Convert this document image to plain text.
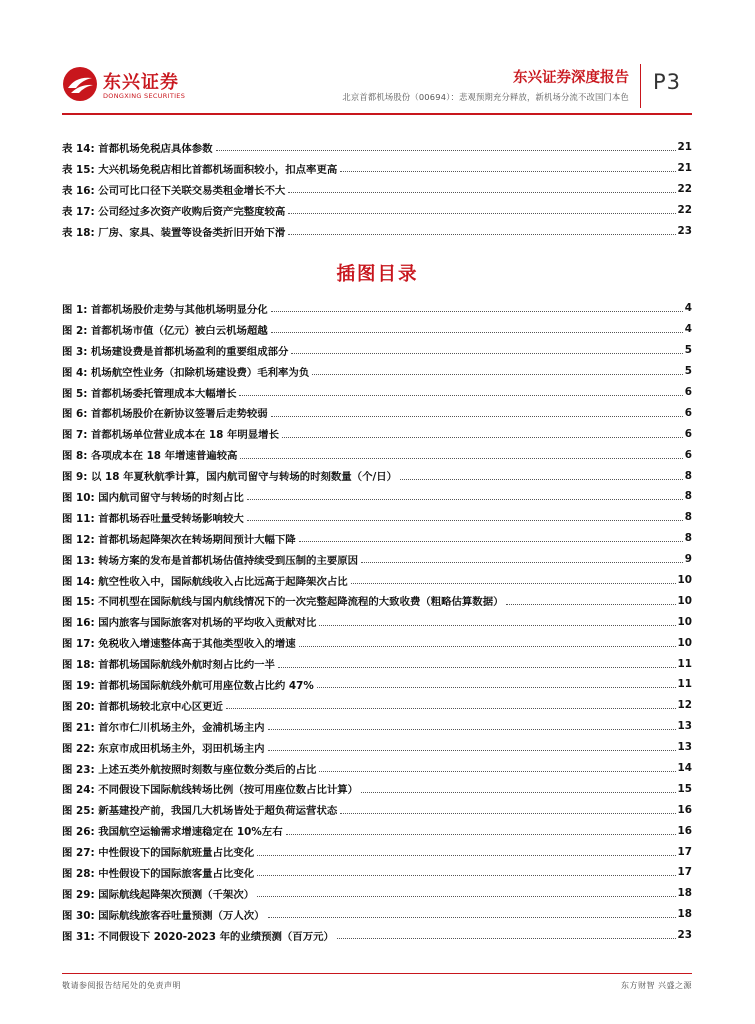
东兴证券
DONGXING SECURITIES
东兴证券深度报告
北京首都机场股份（00694）：悲观预期充分释放，新机场分流不改国门本色
P3
表 14: 首都机场免税店具体参数	21
表 15: 大兴机场免税店相比首都机场面积较小，扣点率更高	21
表 16: 公司可比口径下关联交易类租金增长不大	22
表 17: 公司经过多次资产收购后资产完整度较高	22
表 18: 厂房、家具、装置等设备类折旧开始下滑	23
插图目录
图 1: 首都机场股价走势与其他机场明显分化	4
图 2: 首都机场市值（亿元）被白云机场超越	4
图 3: 机场建设费是首都机场盈利的重要组成部分	5
图 4: 机场航空性业务（扣除机场建设费）毛利率为负	5
图 5: 首都机场委托管理成本大幅增长	6
图 6: 首都机场股价在新协议签署后走势较弱	6
图 7: 首都机场单位营业成本在 18 年明显增长	6
图 8: 各项成本在 18 年增速普遍较高	6
图 9: 以 18 年夏秋航季计算，国内航司留守与转场的时刻数量（个/日）	8
图 10: 国内航司留守与转场的时刻占比	8
图 11: 首都机场吞吐量受转场影响较大	8
图 12: 首都机场起降架次在转场期间预计大幅下降	8
图 13: 转场方案的发布是首都机场估值持续受到压制的主要原因	9
图 14: 航空性收入中，国际航线收入占比远高于起降架次占比	10
图 15: 不同机型在国际航线与国内航线情况下的一次完整起降流程的大致收费（粗略估算数据）	10
图 16: 国内旅客与国际旅客对机场的平均收入贡献对比	10
图 17: 免税收入增速整体高于其他类型收入的增速	10
图 18: 首都机场国际航线外航时刻占比约一半	11
图 19: 首都机场国际航线外航可用座位数占比约 47%	11
图 20: 首都机场较北京中心区更近	12
图 21: 首尔市仁川机场主外，金浦机场主内	13
图 22: 东京市成田机场主外，羽田机场主内	13
图 23: 上述五类外航按照时刻数与座位数分类后的占比	14
图 24: 不同假设下国际航线转场比例（按可用座位数占比计算）	15
图 25: 新基建投产前，我国几大机场皆处于超负荷运营状态	16
图 26: 我国航空运输需求增速稳定在 10%左右	16
图 27: 中性假设下的国际航班量占比变化	17
图 28: 中性假设下的国际旅客量占比变化	17
图 29: 国际航线起降架次预测（千架次）	18
图 30: 国际航线旅客吞吐量预测（万人次）	18
图 31: 不同假设下 2020-2023 年的业绩预测（百万元）	23
敬请参阅报告结尾处的免责声明	东方财智 兴盛之源
